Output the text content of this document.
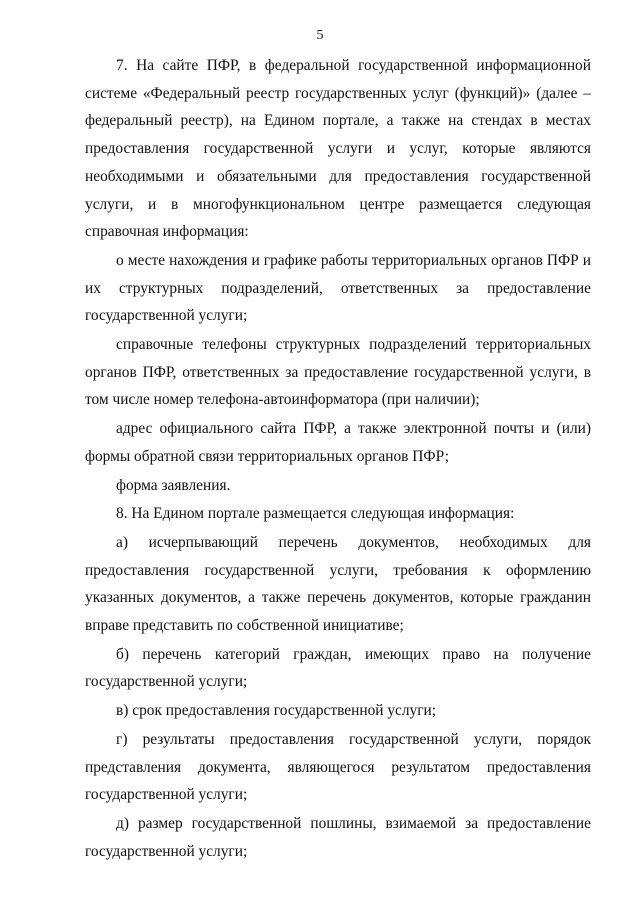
5

7. На сайте ПФР, в федеральной государственной информационной системе «Федеральный реестр государственных услуг (функций)» (далее – федеральный реестр), на Едином портале, а также на стендах в местах предоставления государственной услуги и услуг, которые являются необходимыми и обязательными для предоставления государственной услуги, и в многофункциональном центре размещается следующая справочная информация:

о месте нахождения и графике работы территориальных органов ПФР и их структурных подразделений, ответственных за предоставление государственной услуги;

справочные телефоны структурных подразделений территориальных органов ПФР, ответственных за предоставление государственной услуги, в том числе номер телефона-автоинформатора (при наличии);

адрес официального сайта ПФР, а также электронной почты и (или) формы обратной связи территориальных органов ПФР;

форма заявления.

8. На Едином портале размещается следующая информация:

а) исчерпывающий перечень документов, необходимых для предоставления государственной услуги, требования к оформлению указанных документов, а также перечень документов, которые гражданин вправе представить по собственной инициативе;

б) перечень категорий граждан, имеющих право на получение государственной услуги;

в) срок предоставления государственной услуги;

г) результаты предоставления государственной услуги, порядок представления документа, являющегося результатом предоставления государственной услуги;

д) размер государственной пошлины, взимаемой за предоставление государственной услуги;
